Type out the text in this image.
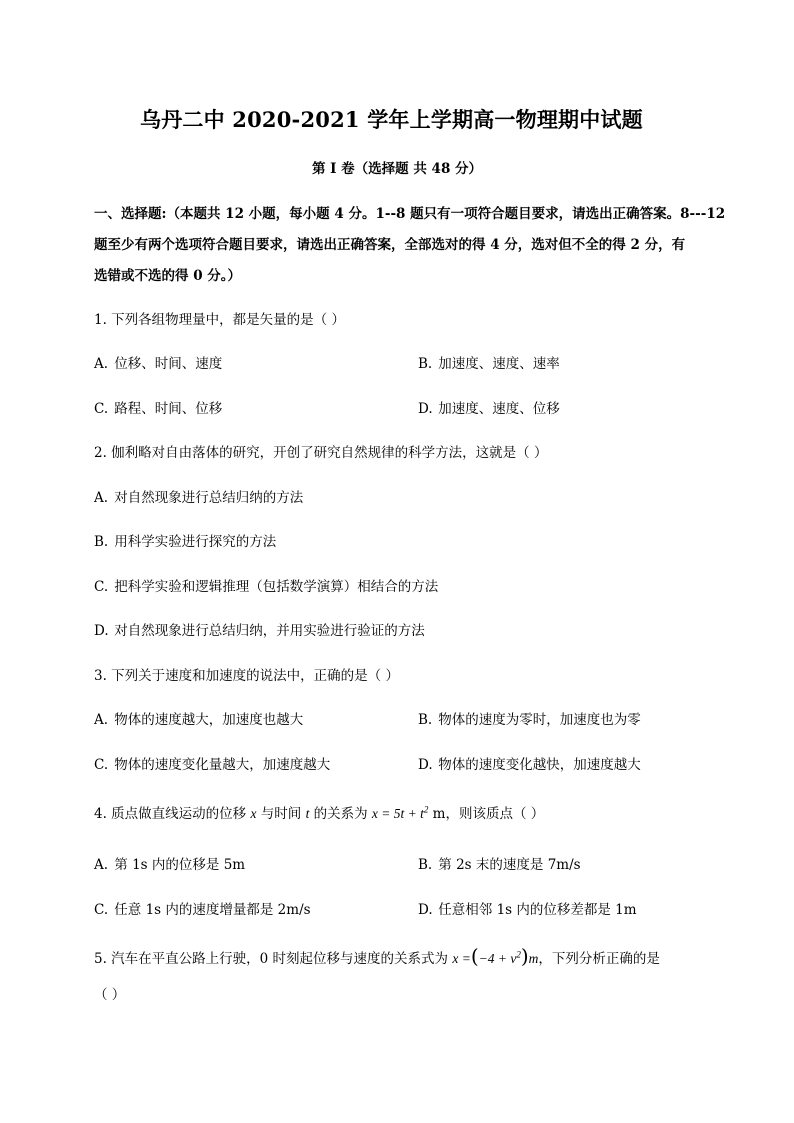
乌丹二中 2020-2021 学年上学期高一物理期中试题
第 I 卷（选择题 共 48 分）
一、选择题:（本题共 12 小题，每小题 4 分。1--8 题只有一项符合题目要求，请选出正确答案。8---12
题至少有两个选项符合题目要求，请选出正确答案，全部选对的得 4 分，选对但不全的得 2 分，有
选错或不选的得 0 分。）
1. 下列各组物理量中，都是矢量的是（ ）
A. 位移、时间、速度	B. 加速度、速度、速率
C. 路程、时间、位移	D. 加速度、速度、位移
2. 伽利略对自由落体的研究，开创了研究自然规律的科学方法，这就是（ ）
A. 对自然现象进行总结归纳的方法
B. 用科学实验进行探究的方法
C. 把科学实验和逻辑推理（包括数学演算）相结合的方法
D. 对自然现象进行总结归纳，并用实验进行验证的方法
3. 下列关于速度和加速度的说法中，正确的是（ ）
A. 物体的速度越大，加速度也越大	B. 物体的速度为零时，加速度也为零
C. 物体的速度变化量越大，加速度越大	D. 物体的速度变化越快，加速度越大
4. 质点做直线运动的位移 x 与时间 t 的关系为 $x = 5t + t^2$ m，则该质点（ ）
A. 第 1s 内的位移是 5m	B. 第 2s 末的速度是 7m/s
C. 任意 1s 内的速度增量都是 2m/s	D. 任意相邻 1s 内的位移差都是 1m
5. 汽车在平直公路上行驶，0 时刻起位移与速度的关系式为 $x =(-4 + v^2)m$，下列分析正确的是
（ ）
